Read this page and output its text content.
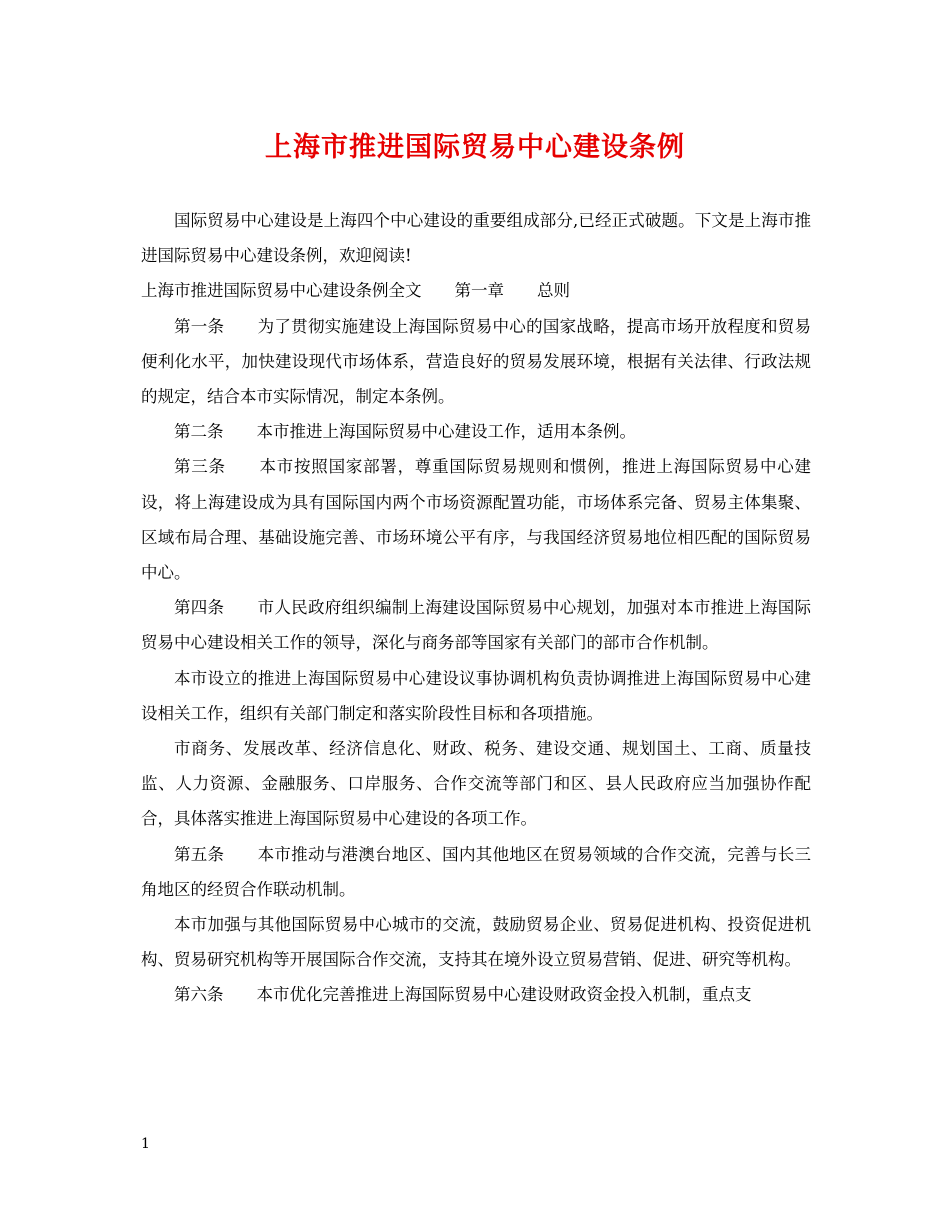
上海市推进国际贸易中心建设条例

国际贸易中心建设是上海四个中心建设的重要组成部分,已经正式破题。下文是上海市推进国际贸易中心建设条例，欢迎阅读!

上海市推进国际贸易中心建设条例全文 第一章 总则

第一条 为了贯彻实施建设上海国际贸易中心的国家战略，提高市场开放程度和贸易便利化水平，加快建设现代市场体系，营造良好的贸易发展环境，根据有关法律、行政法规的规定，结合本市实际情况，制定本条例。

第二条 本市推进上海国际贸易中心建设工作，适用本条例。

第三条 本市按照国家部署，尊重国际贸易规则和惯例，推进上海国际贸易中心建设，将上海建设成为具有国际国内两个市场资源配置功能，市场体系完备、贸易主体集聚、区域布局合理、基础设施完善、市场环境公平有序，与我国经济贸易地位相匹配的国际贸易中心。

第四条 市人民政府组织编制上海建设国际贸易中心规划，加强对本市推进上海国际贸易中心建设相关工作的领导，深化与商务部等国家有关部门的部市合作机制。

本市设立的推进上海国际贸易中心建设议事协调机构负责协调推进上海国际贸易中心建设相关工作，组织有关部门制定和落实阶段性目标和各项措施。

市商务、发展改革、经济信息化、财政、税务、建设交通、规划国土、工商、质量技监、人力资源、金融服务、口岸服务、合作交流等部门和区、县人民政府应当加强协作配合，具体落实推进上海国际贸易中心建设的各项工作。

第五条 本市推动与港澳台地区、国内其他地区在贸易领域的合作交流，完善与长三角地区的经贸合作联动机制。

本市加强与其他国际贸易中心城市的交流，鼓励贸易企业、贸易促进机构、投资促进机构、贸易研究机构等开展国际合作交流，支持其在境外设立贸易营销、促进、研究等机构。

第六条 本市优化完善推进上海国际贸易中心建设财政资金投入机制，重点支

1
